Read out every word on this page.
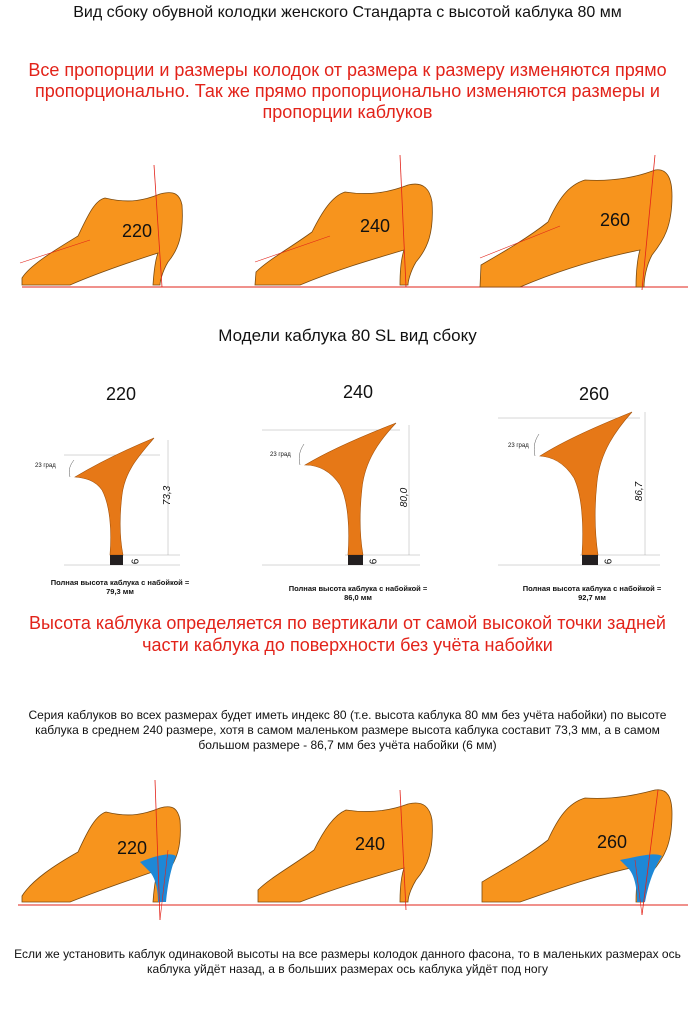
Вид сбоку обувной колодки женского Стандарта с высотой каблука 80 мм
Все пропорции и размеры колодок от размера к размеру изменяются прямо пропорционально. Так же прямо пропорционально изменяются размеры и пропорции каблуков
220	240	260
Модели каблука 80 SL вид сбоку
220	240	260
23 град
23 град
23 град
73,3	80,0	86,7
6	6	6
Полная высота каблука с набойкой = 79,3 мм	Полная высота каблука с набойкой = 86,0 мм
Полная высота каблука с набойкой = 92,7 мм
Высота каблука определяется по вертикали от самой высокой точки задней части каблука до поверхности без учёта набойки
Серия каблуков во всех размерах будет иметь индекс 80 (т.е. высота каблука 80 мм без учёта набойки) по высоте каблука в среднем 240 размере, хотя в самом маленьком размере высота каблука составит 73,3 мм, а в самом большом размере - 86,7 мм без учёта набойки (6 мм)
220	240	260
Если же установить каблук одинаковой высоты на все размеры колодок данного фасона, то в маленьких размерах ось каблука уйдёт назад, а в больших размерах ось каблука уйдёт под ногу
